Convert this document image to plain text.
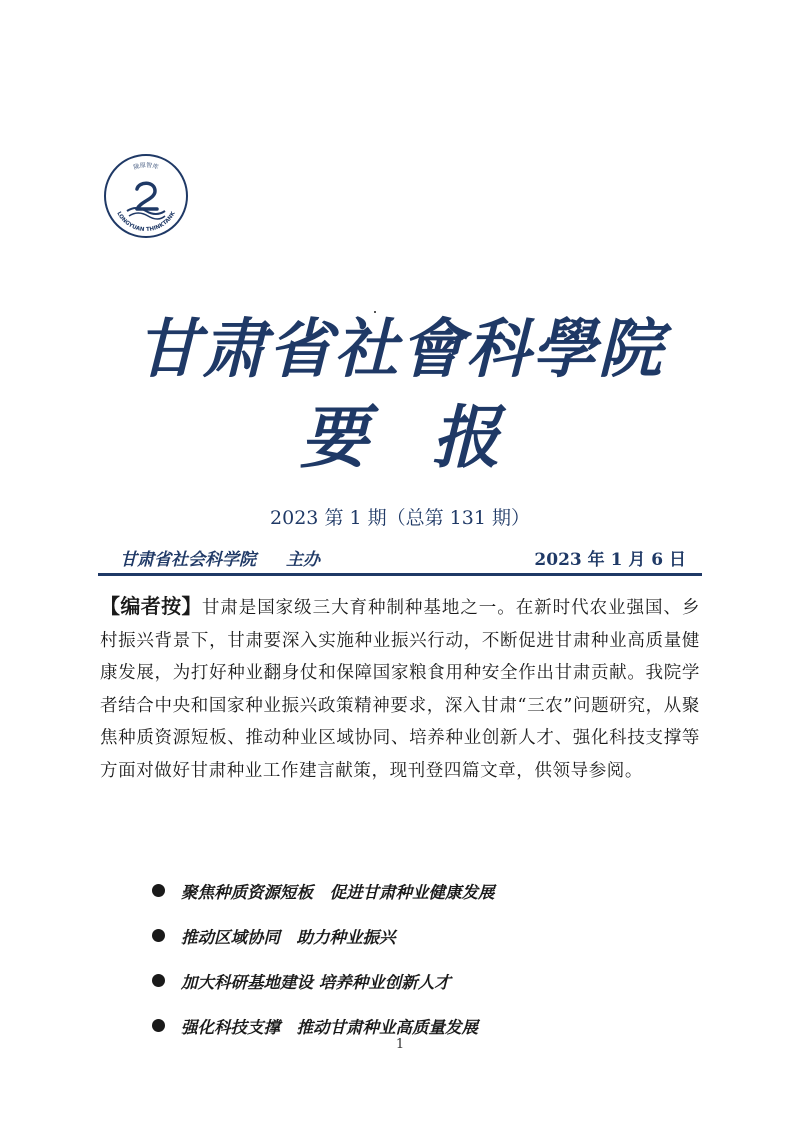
陇原智库
LONGYUAN THINKTANK
甘肃省社會科學院
要报
2023 第 1 期（总第 131 期）
甘肃省社会科学院 主办	2023 年 1 月 6 日
【编者按】甘肃是国家级三大育种制种基地之一。在新时代农业强国、乡村振兴背景下，甘肃要深入实施种业振兴行动，不断促进甘肃种业高质量健康发展，为打好种业翻身仗和保障国家粮食用种安全作出甘肃贡献。我院学者结合中央和国家种业振兴政策精神要求，深入甘肃“三农”问题研究，从聚焦种质资源短板、推动种业区域协同、培养种业创新人才、强化科技支撑等方面对做好甘肃种业工作建言献策，现刊登四篇文章，供领导参阅。
聚焦种质资源短板　促进甘肃种业健康发展
推动区域协同　助力种业振兴
加大科研基地建设 培养种业创新人才
强化科技支撑　推动甘肃种业高质量发展
1
